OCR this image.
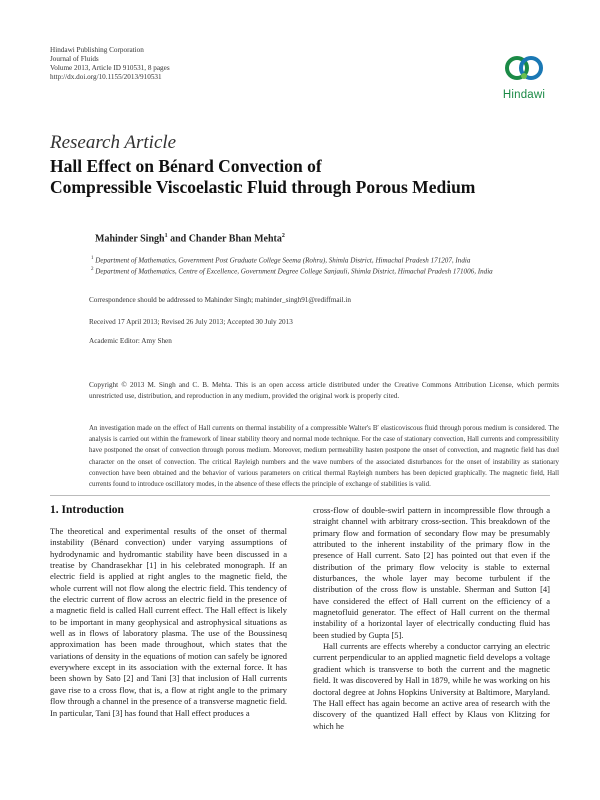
Hindawi Publishing Corporation
Journal of Fluids
Volume 2013, Article ID 910531, 8 pages
http://dx.doi.org/10.1155/2013/910531
Hindawi
Research Article
Hall Effect on Bénard Convection of
Compressible Viscoelastic Fluid through Porous Medium
Mahinder Singh$^1$ and Chander Bhan Mehta$^2$
$^1$ Department of Mathematics, Government Post Graduate College Seema (Rohru), Shimla District, Himachal Pradesh 171207, India
$^2$ Department of Mathematics, Centre of Excellence, Government Degree College Sanjauli, Shimla District, Himachal Pradesh 171006, India
Correspondence should be addressed to Mahinder Singh; mahinder_singh91@rediffmail.in
Received 17 April 2013; Revised 26 July 2013; Accepted 30 July 2013
Academic Editor: Amy Shen
Copyright © 2013 M. Singh and C. B. Mehta. This is an open access article distributed under the Creative Commons Attribution License, which permits unrestricted use, distribution, and reproduction in any medium, provided the original work is properly cited.
An investigation made on the effect of Hall currents on thermal instability of a compressible Walter's B′ elasticoviscous fluid through porous medium is considered. The analysis is carried out within the framework of linear stability theory and normal mode technique. For the case of stationary convection, Hall currents and compressibility have postponed the onset of convection through porous medium. Moreover, medium permeability hasten postpone the onset of convection, and magnetic field has duel character on the onset of convection. The critical Rayleigh numbers and the wave numbers of the associated disturbances for the onset of instability as stationary convection have been obtained and the behavior of various parameters on critical thermal Rayleigh numbers has been depicted graphically. The magnetic field, Hall currents found to introduce oscillatory modes, in the absence of these effects the principle of exchange of stabilities is valid.
1. Introduction

The theoretical and experimental results of the onset of thermal instability (Bénard convection) under varying assumptions of hydrodynamic and hydromantic stability have been discussed in a treatise by Chandrasekhar [1] in his celebrated monograph. If an electric field is applied at right angles to the magnetic field, the whole current will not flow along the electric field. This tendency of the electric current of flow across an electric field in the presence of a magnetic field is called Hall current effect. The Hall effect is likely to be important in many geophysical and astrophysical situations as well as in flows of laboratory plasma. The use of the Boussinesq approximation has been made throughout, which states that the variations of density in the equations of motion can safely be ignored everywhere except in its association with the external force. It has been shown by Sato [2] and Tani [3] that inclusion of Hall currents gave rise to a cross flow, that is, a flow at right angle to the primary flow through a channel in the presence of a transverse magnetic field. In particular, Tani [3] has found that Hall effect produces a

cross-flow of double-swirl pattern in incompressible flow through a straight channel with arbitrary cross-section. This breakdown of the primary flow and formation of secondary flow may be presumably attributed to the inherent instability of the primary flow in the presence of Hall current. Sato [2] has pointed out that even if the distribution of the primary flow velocity is stable to external disturbances, the whole layer may become turbulent if the distribution of the cross flow is unstable. Sherman and Sutton [4] have considered the effect of Hall current on the efficiency of a magnetofluid generator. The effect of Hall current on the thermal instability of a horizontal layer of electrically conducting fluid has been studied by Gupta [5].

Hall currents are effects whereby a conductor carrying an electric current perpendicular to an applied magnetic field develops a voltage gradient which is transverse to both the current and the magnetic field. It was discovered by Hall in 1879, while he was working on his doctoral degree at Johns Hopkins University at Baltimore, Maryland. The Hall effect has again become an active area of research with the discovery of the quantized Hall effect by Klaus von Klitzing for which he
